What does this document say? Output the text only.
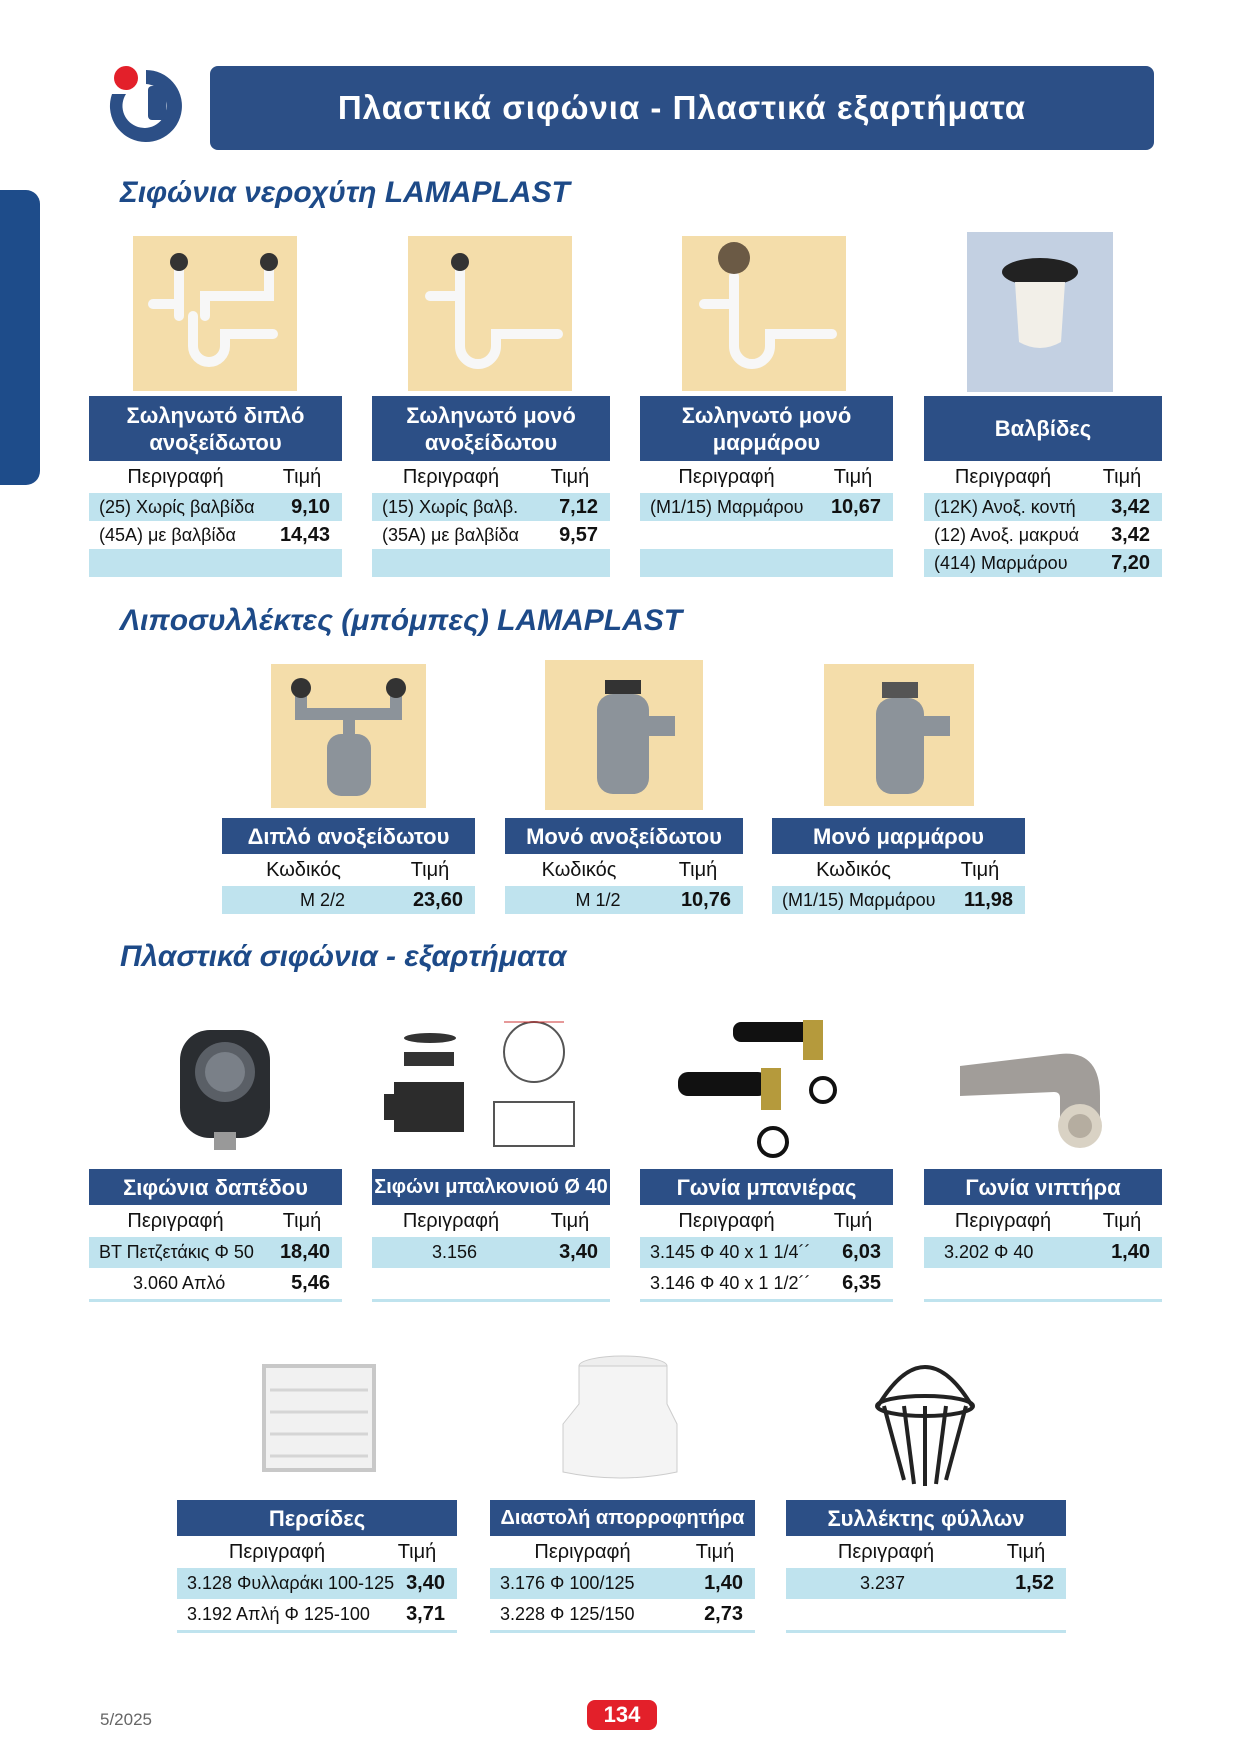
Πλαστικά σιφώνια - Πλαστικά εξαρτήματα
Σιφώνια νεροχύτη LAMAPLAST
Σωληνωτό διπλό ανοξείδωτου
Περιγραφή	Τιμή
(25) Χωρίς βαλβίδα	9,10
(45Α) με βαλβίδα	14,43
Σωληνωτό μονό ανοξείδωτου
Περιγραφή	Τιμή
(15) Χωρίς βαλβ.	7,12
(35Α) με βαλβίδα	9,57
Σωληνωτό μονό μαρμάρου
Περιγραφή	Τιμή
(Μ1/15) Μαρμάρου	10,67
Βαλβίδες
Περιγραφή	Τιμή
(12Κ) Ανοξ. κοντή	3,42
(12) Ανοξ. μακρυά	3,42
(414) Μαρμάρου	7,20
Λιποσυλλέκτες (μπόμπες) LAMAPLAST
Διπλό ανοξείδωτου
Κωδικός	Τιμή
Μ 2/2	23,60
Μονό ανοξείδωτου
Κωδικός	Τιμή
Μ 1/2	10,76
Μονό μαρμάρου
Κωδικός	Τιμή
(Μ1/15) Μαρμάρου	11,98
Πλαστικά σιφώνια - εξαρτήματα
Σιφώνια δαπέδου
Περιγραφή	Τιμή
ΒΤ Πετζετάκις Φ 50	18,40
3.060 Απλό	5,46
Σιφώνι μπαλκονιού Ø 40
Περιγραφή	Τιμή
3.156	3,40
Γωνία μπανιέρας
Περιγραφή	Τιμή
3.145 Φ 40 x 1 1/4´´	6,03
3.146 Φ 40 x 1 1/2´´	6,35
Γωνία νιπτήρα
Περιγραφή	Τιμή
3.202 Φ 40	1,40
Περσίδες
Περιγραφή	Τιμή
3.128 Φυλλαράκι 100-125 3,40
3.192 Απλή Φ 125-100	3,71
Διαστολή απορροφητήρα
Περιγραφή	Τιμή
3.176 Φ 100/125	1,40
3.228 Φ 125/150	2,73
Συλλέκτης φύλλων
Περιγραφή	Τιμή
3.237	1,52
5/2025	134
